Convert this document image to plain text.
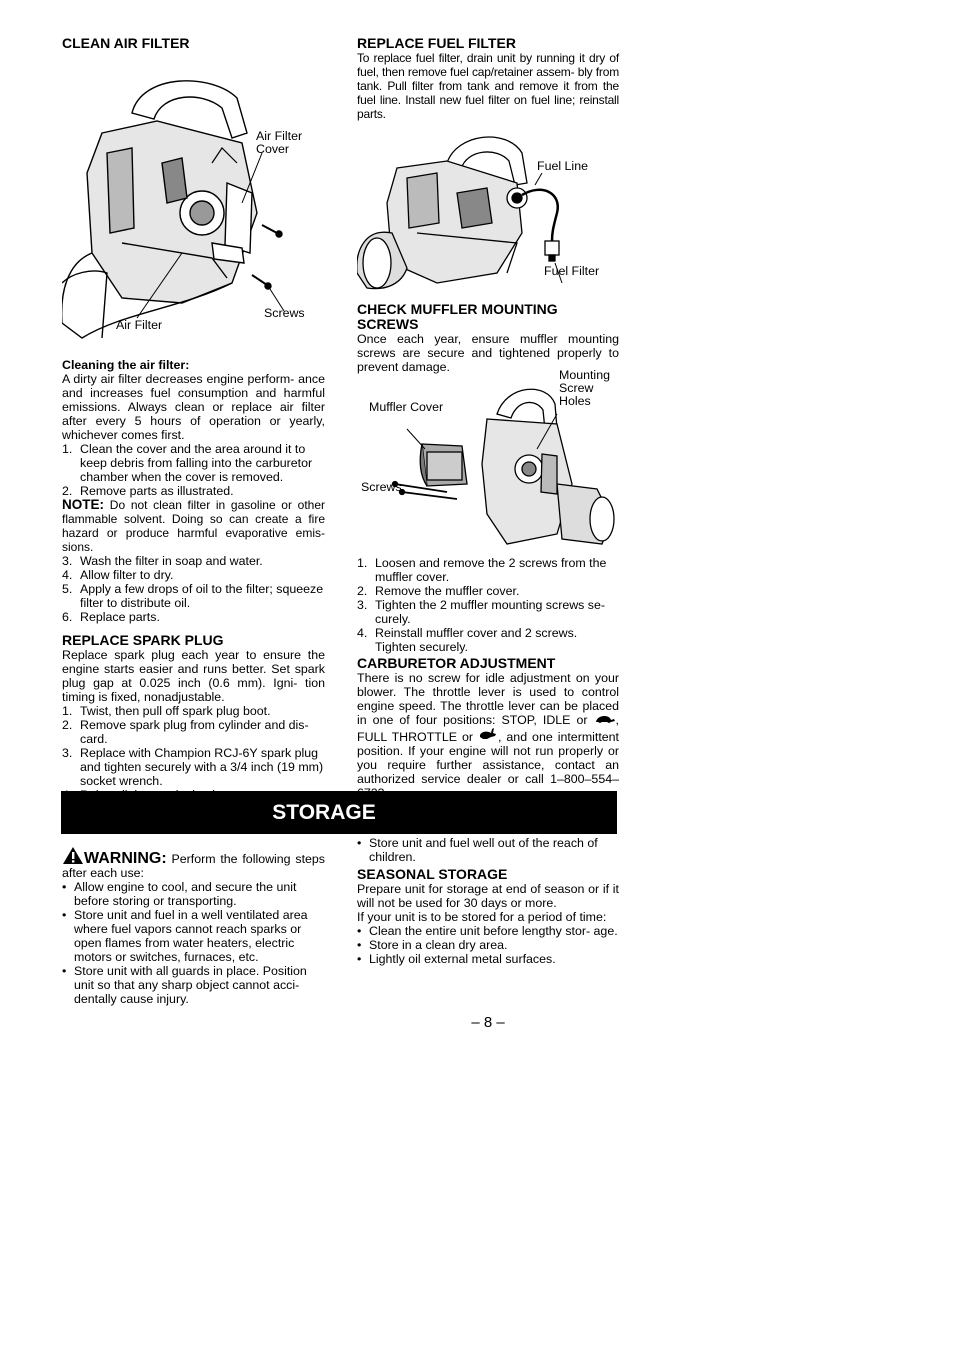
CLEAN AIR FILTER
Air Filter
Cover
Screws
Air Filter
Cleaning the air filter:

A dirty air filter decreases engine perform- ance and increases fuel consumption and harmful emissions. Always clean or replace air filter after every 5 hours of operation or yearly, whichever comes first.

1. Clean the cover and the area around it to keep debris from falling into the carburetor chamber when the cover is removed.
2. Remove parts as illustrated.

NOTE: Do not clean filter in gasoline or other flammable solvent. Doing so can create a fire hazard or produce harmful evaporative emis- sions.

3. Wash the filter in soap and water.
4. Allow filter to dry.
5. Apply a few drops of oil to the filter; squeeze filter to distribute oil.
6. Replace parts.
REPLACE SPARK PLUG

Replace spark plug each year to ensure the engine starts easier and runs better. Set spark plug gap at 0.025 inch (0.6 mm). Igni- tion timing is fixed, nonadjustable.

1. Twist, then pull off spark plug boot.
2. Remove spark plug from cylinder and dis- card.
3. Replace with Champion RCJ-6Y spark plug and tighten securely with a 3/4 inch (19 mm) socket wrench.
REPLACE FUEL FILTER

To replace fuel filter, drain unit by running it dry of fuel, then remove fuel cap/retainer assem- bly from tank. Pull filter from tank and remove it from the fuel line. Install new fuel filter on fuel line; reinstall parts.

Fuel Line
Fuel Filter
CHECK MUFFLER MOUNTING
SCREWS

Once each year, ensure muffler mounting screws are secure and tightened properly to prevent damage.

Mounting
Screw
Holes
Muffler Cover
Screws
1. Loosen and remove the 2 screws from the muffler cover.
2. Remove the muffler cover.
3. Tighten the 2 muffler mounting screws se- curely.
4. Reinstall muffler cover and 2 screws. Tighten securely.
CARBURETOR ADJUSTMENT

There is no screw for idle adjustment on your blower. The throttle lever is used to control engine speed. The throttle lever can be placed in one of four positions: STOP, IDLE or , FULL THROTTLE or , and one intermittent position. If your engine will not run properly or you require further assistance, contact an authorized service dealer or call 1–800–554–

STORAGE

WARNING: Perform the following steps after each use:

• Allow engine to cool, and secure the unit before storing or transporting.
• Store unit and fuel in a well ventilated area where fuel vapors cannot reach sparks or open flames from water heaters, electric motors or switches, furnaces, etc.
• Store unit with all guards in place. Position unit so that any sharp object cannot acci- dentally cause injury.
• Store unit and fuel well out of the reach of children.
SEASONAL STORAGE

Prepare unit for storage at end of season or if it will not be used for 30 days or more.

If your unit is to be stored for a period of time:

• Clean the entire unit before lengthy stor- age.
• Store in a clean dry area.
• Lightly oil external metal surfaces.
– 8 –
